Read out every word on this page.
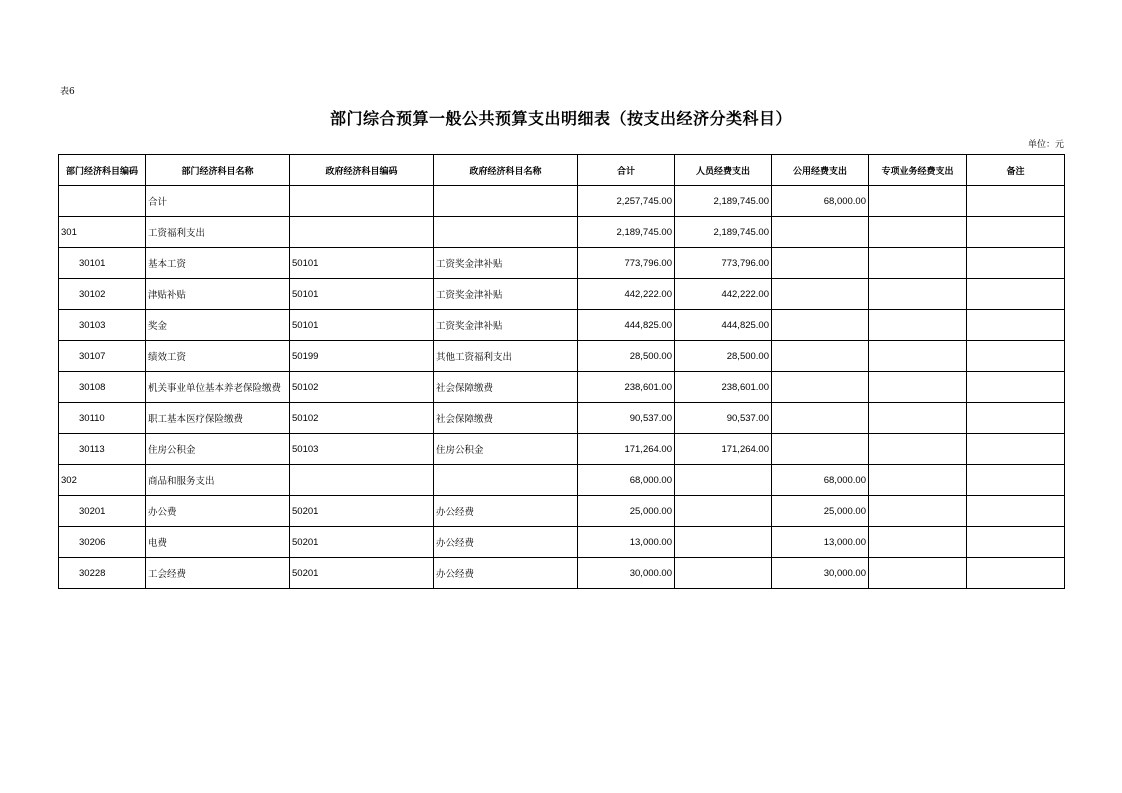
表6
部门综合预算一般公共预算支出明细表（按支出经济分类科目）
单位：元
部门经济科目编码	部门经济科目名称	政府经济科目编码	政府经济科目名称	合计	人员经费支出	公用经费支出	专项业务经费支出	备注
	合计			2,257,745.00	2,189,745.00	68,000.00		
301	工资福利支出			2,189,745.00	2,189,745.00			
30101	基本工资	50101	工资奖金津补贴	773,796.00	773,796.00			
30102	津贴补贴	50101	工资奖金津补贴	442,222.00	442,222.00			
30103	奖金	50101	工资奖金津补贴	444,825.00	444,825.00			
30107	绩效工资	50199	其他工资福利支出	28,500.00	28,500.00			
30108	机关事业单位基本养老保险缴费	50102	社会保障缴费	238,601.00	238,601.00			
30110	职工基本医疗保险缴费	50102	社会保障缴费	90,537.00	90,537.00			
30113	住房公积金	50103	住房公积金	171,264.00	171,264.00			
302	商品和服务支出			68,000.00		68,000.00		
30201	办公费	50201	办公经费	25,000.00		25,000.00		
30206	电费	50201	办公经费	13,000.00		13,000.00		
30228	工会经费	50201	办公经费	30,000.00		30,000.00		
